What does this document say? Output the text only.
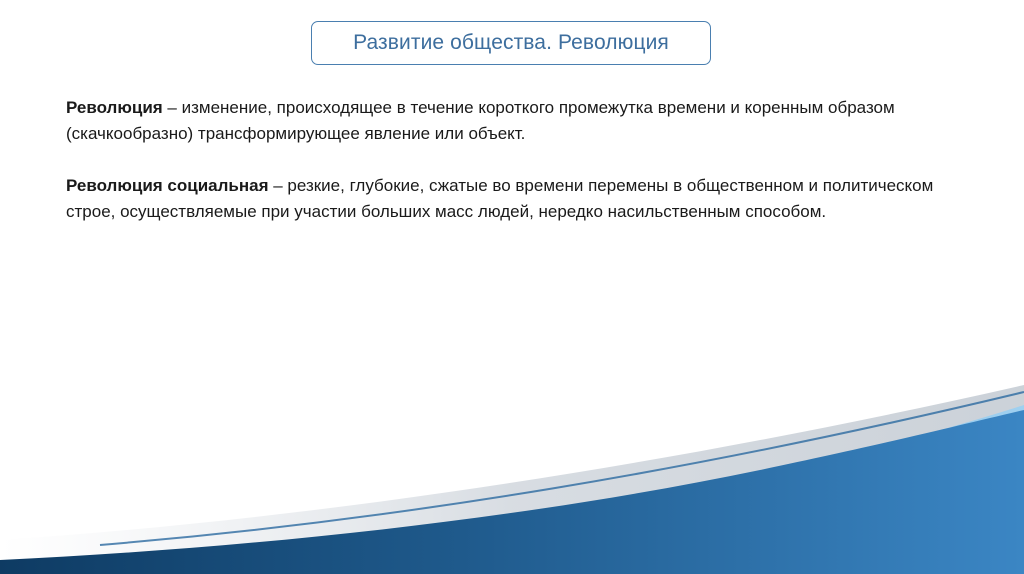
Развитие общества. Революция

Революция – изменение, происходящее в течение короткого промежутка времени и коренным образом (скачкообразно) трансформирующее явление или объект.

Революция социальная – резкие, глубокие, сжатые во времени перемены в общественном и политическом строе, осуществляемые при участии больших масс людей, нередко насильственным способом.
